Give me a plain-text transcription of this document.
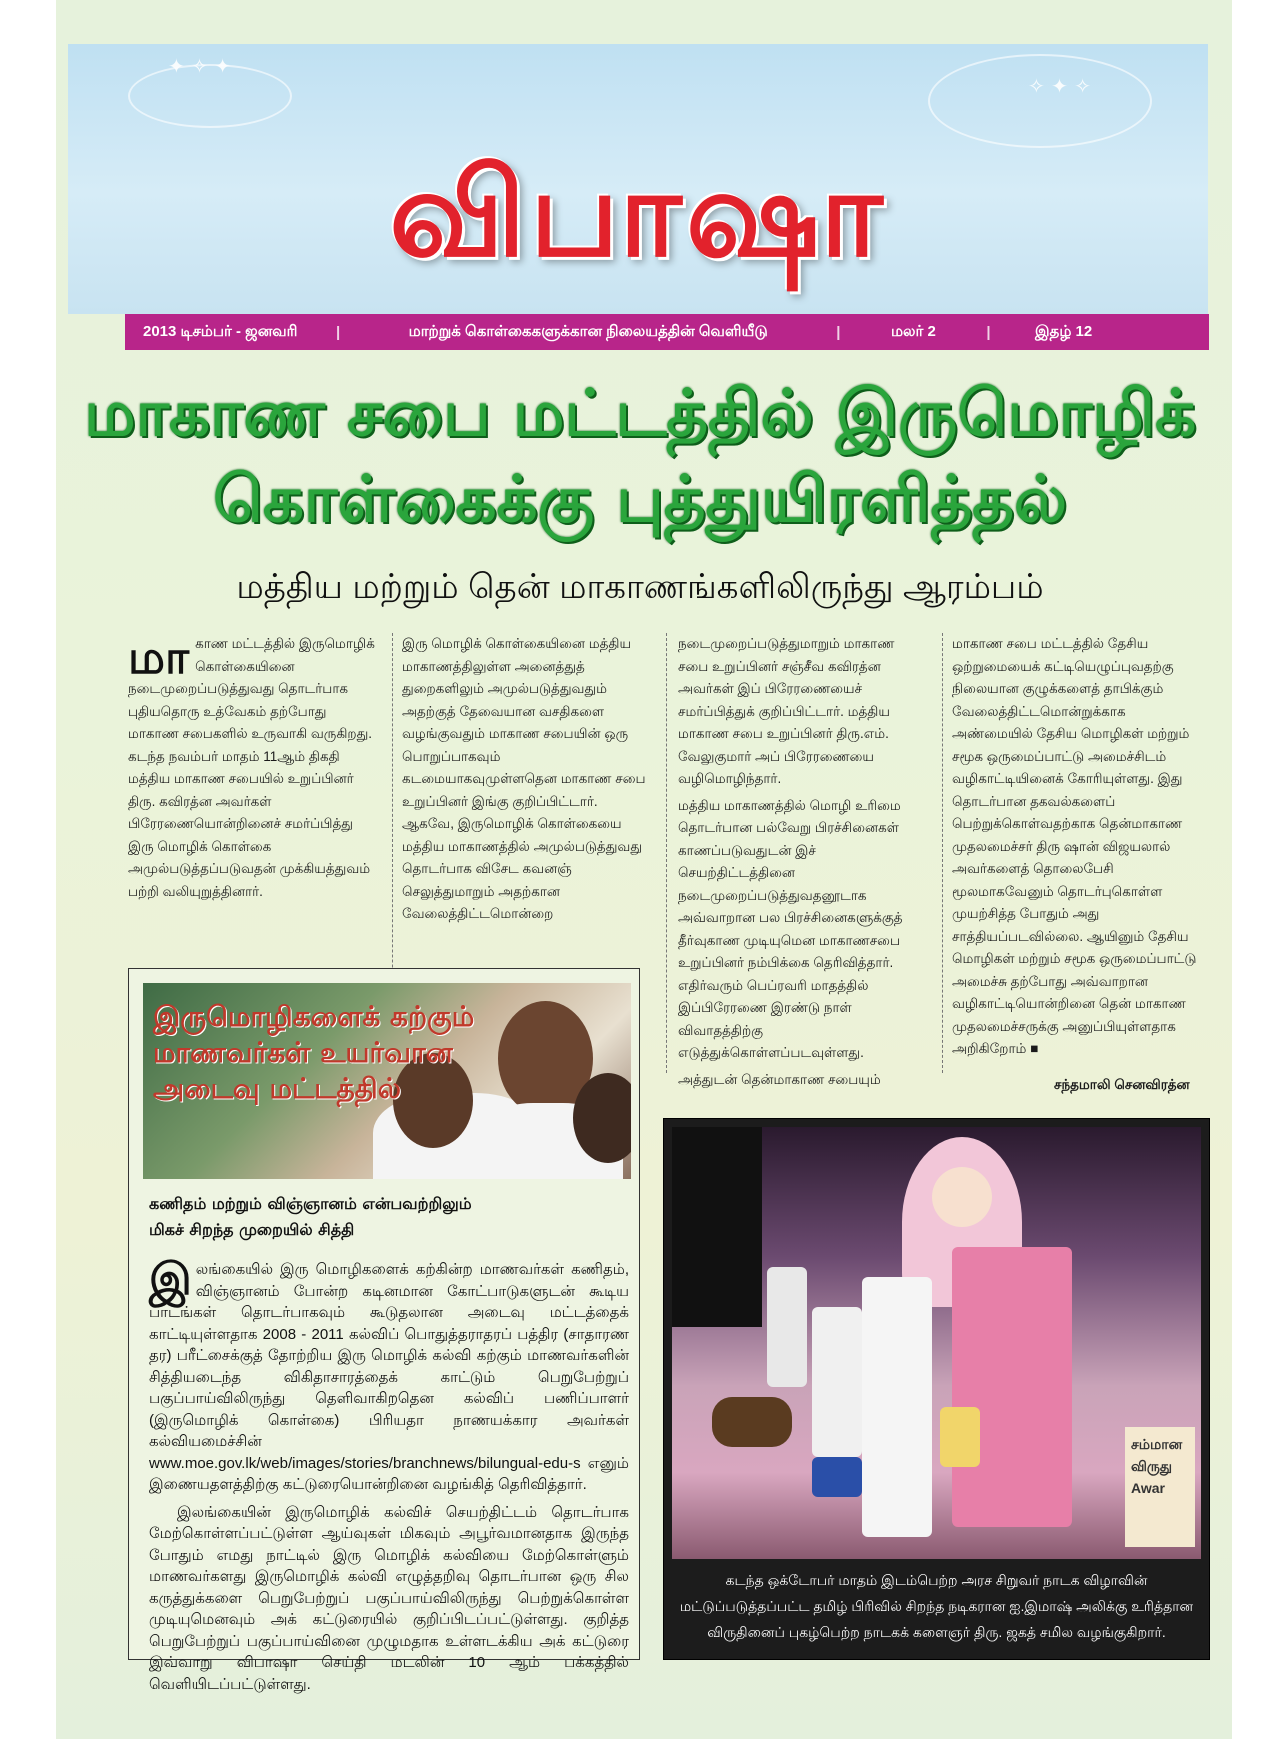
✦ ✧ ✦
✧ ✦ ✧
விபாஷா
2013 டிசம்பர் - ஜனவரி	|	மாற்றுக் கொள்கைகளுக்கான நிலையத்தின் வெளியீடு	|	மலர் 2	|	இதழ் 12
மாகாண சபை மட்டத்தில் இருமொழிக்
கொள்கைக்கு புத்துயிரளித்தல்
மத்திய மற்றும் தென் மாகாணங்களிலிருந்து ஆரம்பம்
மா காண மட்டத்தில் இருமொழிக் கொள்கையினை நடைமுறைப்படுத்துவது தொடர்பாக புதியதொரு உத்வேகம் தற்போது மாகாண சபைகளில் உருவாகி வருகிறது. கடந்த நவம்பர் மாதம் 11ஆம் திகதி மத்திய மாகாண சபையில் உறுப்பினர் திரு. கவிரத்ன அவர்கள் பிரேரணையொன்றினைச் சமர்ப்பித்து இரு மொழிக் கொள்கை அமுல்படுத்தப்படுவதன் முக்கியத்துவம் பற்றி வலியுறுத்தினார்.

இரு மொழிக் கொள்கையினை மத்திய மாகாணத்திலுள்ள அனைத்துத் துறைகளிலும் அமுல்படுத்துவதும் அதற்குத் தேவையான வசதிகளை வழங்குவதும் மாகாண சபையின் ஒரு பொறுப்பாகவும் கடமையாகவுமுள்ளதென மாகாண சபை உறுப்பினர் இங்கு குறிப்பிட்டார். ஆகவே, இருமொழிக் கொள்கையை மத்திய மாகாணத்தில் அமுல்படுத்துவது தொடர்பாக விசேட கவனஞ் செலுத்துமாறும் அதற்கான வேலைத்திட்டமொன்றை

நடைமுறைப்படுத்துமாறும் மாகாண சபை உறுப்பினர் சஞ்சீவ கவிரத்ன அவர்கள் இப் பிரேரணையைச் சமர்ப்பித்துக் குறிப்பிட்டார். மத்திய மாகாண சபை உறுப்பினர் திரு.எம். வேலுகுமார் அப் பிரேரணையை வழிமொழிந்தார்.

மத்திய மாகாணத்தில் மொழி உரிமை தொடர்பான பல்வேறு பிரச்சினைகள் காணப்படுவதுடன் இச் செயற்திட்டத்தினை நடைமுறைப்படுத்துவதனூடாக அவ்வாறான பல பிரச்சினைகளுக்குத் தீர்வுகாண முடியுமென மாகாணசபை உறுப்பினர் நம்பிக்கை தெரிவித்தார். எதிர்வரும் பெப்ரவரி மாதத்தில் இப்பிரேரணை இரண்டு நாள் விவாதத்திற்கு எடுத்துக்கொள்ளப்படவுள்ளது.

அத்துடன் தென்மாகாண சபையும்

மாகாண சபை மட்டத்தில் தேசிய ஒற்றுமையைக் கட்டியெழுப்புவதற்கு நிலையான குழுக்களைத் தாபிக்கும் வேலைத்திட்டமொன்றுக்காக அண்மையில் தேசிய மொழிகள் மற்றும் சமூக ஒருமைப்பாட்டு அமைச்சிடம் வழிகாட்டியினைக் கோரியுள்ளது. இது தொடர்பான தகவல்களைப் பெற்றுக்கொள்வதற்காக தென்மாகாண முதலமைச்சர் திரு ஷான் விஜயலால் அவர்களைத் தொலைபேசி மூலமாகவேனும் தொடர்புகொள்ள முயற்சித்த போதும் அது சாத்தியப்படவில்லை. ஆயினும் தேசிய மொழிகள் மற்றும் சமூக ஒருமைப்பாட்டு அமைச்சு தற்போது அவ்வாறான வழிகாட்டியொன்றினை தென் மாகாண முதலமைச்சருக்கு அனுப்பியுள்ளதாக அறிகிறோம் ■

சந்தமாலி செனவிரத்ன
இருமொழிகளைக் கற்கும்
மாணவர்கள் உயர்வான
அடைவு மட்டத்தில்
கணிதம் மற்றும் விஞ்ஞானம் என்பவற்றிலும்
மிகச் சிறந்த முறையில் சித்தி

இலங்கையில் இரு மொழிகளைக் கற்கின்ற மாணவர்கள் கணிதம், விஞ்ஞானம் போன்ற கடினமான கோட்பாடுகளுடன் கூடிய பாடங்கள் தொடர்பாகவும் கூடுதலான அடைவு மட்டத்தைக் காட்டியுள்ளதாக 2008 - 2011 கல்விப் பொதுத்தராதரப் பத்திர (சாதாரண தர) பரீட்சைக்குத் தோற்றிய இரு மொழிக் கல்வி கற்கும் மாணவர்களின் சித்தியடைந்த விகிதாசாரத்தைக் காட்டும் பெறுபேற்றுப் பகுப்பாய்விலிருந்து தெளிவாகிறதென கல்விப் பணிப்பாளர் (இருமொழிக் கொள்கை) பிரியதா நாணயக்கார அவர்கள் கல்வியமைச்சின் www.moe.gov.lk/web/images/stories/branchnews/bilungual-edu-s எனும் இணையதளத்திற்கு கட்டுரையொன்றினை வழங்கித் தெரிவித்தார்.

இலங்கையின் இருமொழிக் கல்விச் செயற்திட்டம் தொடர்பாக மேற்கொள்ளப்பட்டுள்ள ஆய்வுகள் மிகவும் அபூர்வமானதாக இருந்த போதும் எமது நாட்டில் இரு மொழிக் கல்வியை மேற்கொள்ளும் மாணவர்களது இருமொழிக் கல்வி எழுத்தறிவு தொடர்பான ஒரு சில கருத்துக்களை பெறுபேற்றுப் பகுப்பாய்விலிருந்து பெற்றுக்கொள்ள முடியுமெனவும் அக் கட்டுரையில் குறிப்பிடப்பட்டுள்ளது. குறித்த பெறுபேற்றுப் பகுப்பாய்வினை முழுமதாக உள்ளடக்கிய அக் கட்டுரை இவ்வாறு விபாஷா செய்தி மடலின் 10 ஆம் பக்கத்தில் வெளியிடப்பட்டுள்ளது.

சம்மான
விருது
Awar
கடந்த ஒக்டோபர் மாதம் இடம்பெற்ற அரச சிறுவர் நாடக விழாவின்
மட்டுப்படுத்தப்பட்ட தமிழ் பிரிவில் சிறந்த நடிகரான ஐ.இமாஷ் அலிக்கு உரித்தான
விருதினைப் புகழ்பெற்ற நாடகக் களைஞர் திரு. ஜகத் சமில வழங்குகிறார்.
